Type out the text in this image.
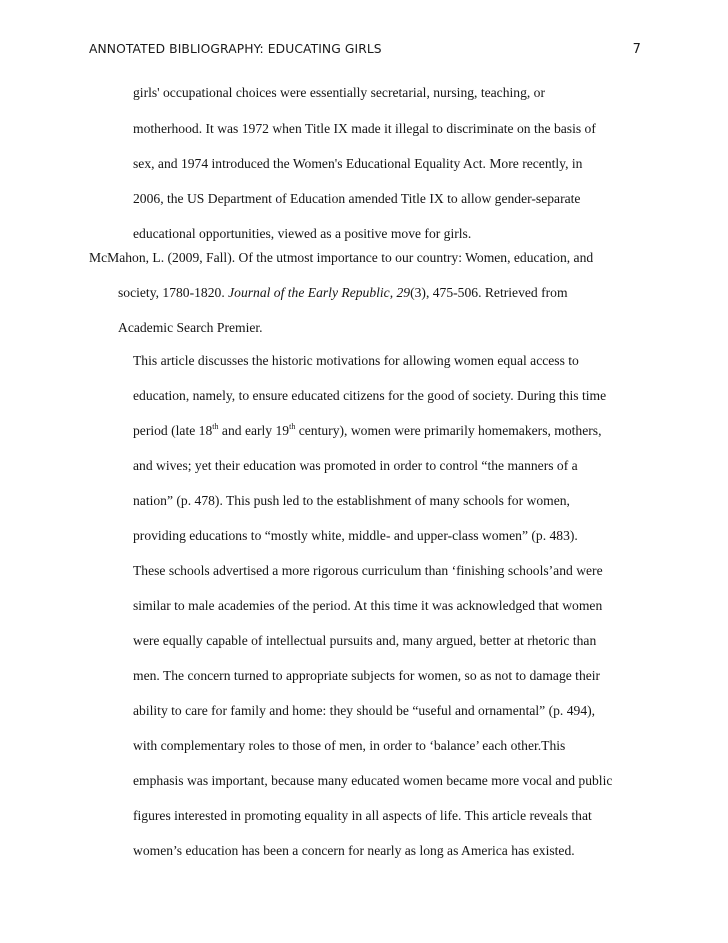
ANNOTATED BIBLIOGRAPHY: EDUCATING GIRLS	7
girls' occupational choices were essentially secretarial, nursing, teaching, or
motherhood. It was 1972 when Title IX made it illegal to discriminate on the basis of
sex, and 1974 introduced the Women's Educational Equality Act. More recently, in
2006, the US Department of Education amended Title IX to allow gender-separate
educational opportunities, viewed as a positive move for girls.
McMahon, L. (2009, Fall). Of the utmost importance to our country: Women, education, and
society, 1780-1820. Journal of the Early Republic, 29(3), 475-506. Retrieved from
Academic Search Premier.
This article discusses the historic motivations for allowing women equal access to
education, namely, to ensure educated citizens for the good of society. During this time
period (late 18th and early 19th century), women were primarily homemakers, mothers,
and wives; yet their education was promoted in order to control “the manners of a
nation” (p. 478). This push led to the establishment of many schools for women,
providing educations to “mostly white, middle- and upper-class women” (p. 483).
These schools advertised a more rigorous curriculum than ‘finishing schools’and were
similar to male academies of the period. At this time it was acknowledged that women
were equally capable of intellectual pursuits and, many argued, better at rhetoric than
men. The concern turned to appropriate subjects for women, so as not to damage their
ability to care for family and home: they should be “useful and ornamental” (p. 494),
with complementary roles to those of men, in order to ‘balance’ each other.This
emphasis was important, because many educated women became more vocal and public
figures interested in promoting equality in all aspects of life. This article reveals that
women’s education has been a concern for nearly as long as America has existed.
